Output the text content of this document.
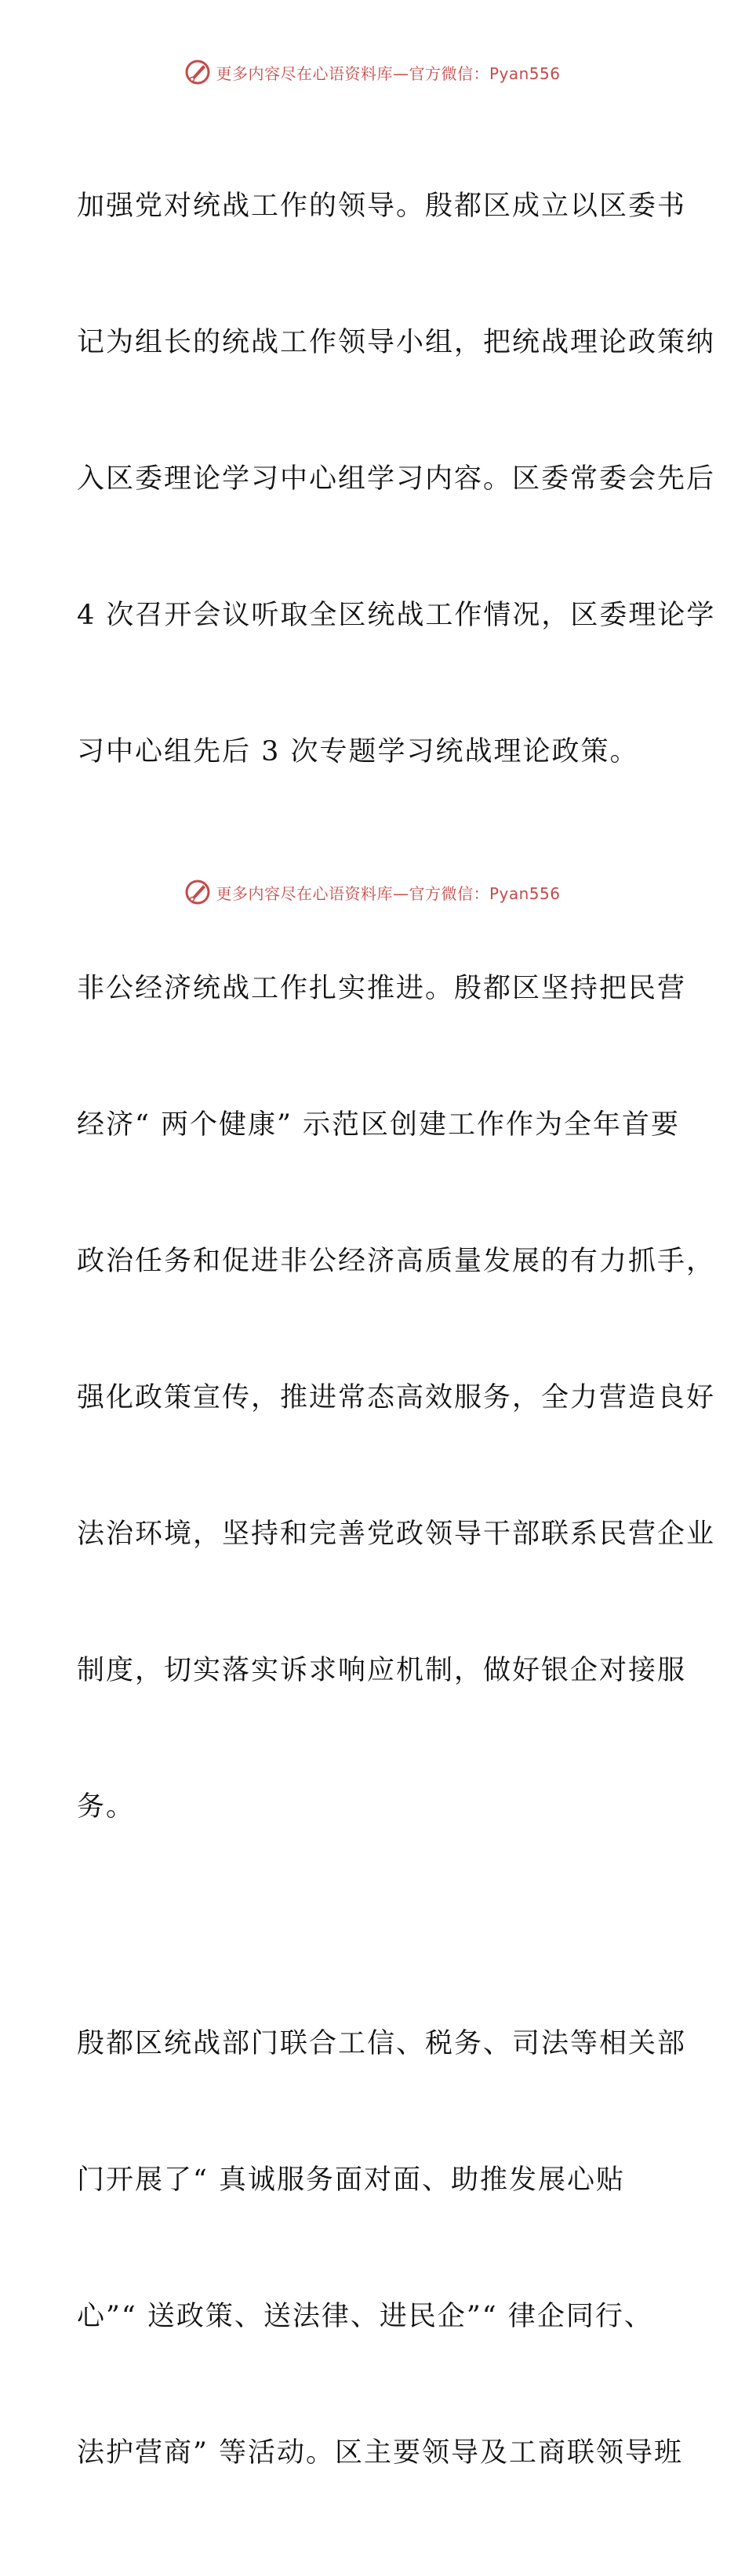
更多内容尽在心语资料库—官方微信：Pyan556

加强党对统战工作的领导。殷都区成立以区委书

记为组长的统战工作领导小组，把统战理论政策纳

入区委理论学习中心组学习内容。区委常委会先后

4 次召开会议听取全区统战工作情况，区委理论学

习中心组先后 3 次专题学习统战理论政策。

非公经济统战工作扎实推进。殷都区坚持把民营

经济“ 两个健康” 示范区创建工作作为全年首要

政治任务和促进非公经济高质量发展的有力抓手，

强化政策宣传，推进常态高效服务，全力营造良好

法治环境，坚持和完善党政领导干部联系民营企业

制度，切实落实诉求响应机制，做好银企对接服

务。

殷都区统战部门联合工信、税务、司法等相关部

门开展了“ 真诚服务面对面、助推发展心贴

心”“ 送政策、送法律、进民企”“ 律企同行、

法护营商” 等活动。区主要领导及工商联领导班

更多内容尽在心语资料库—官方微信：Pyan556
